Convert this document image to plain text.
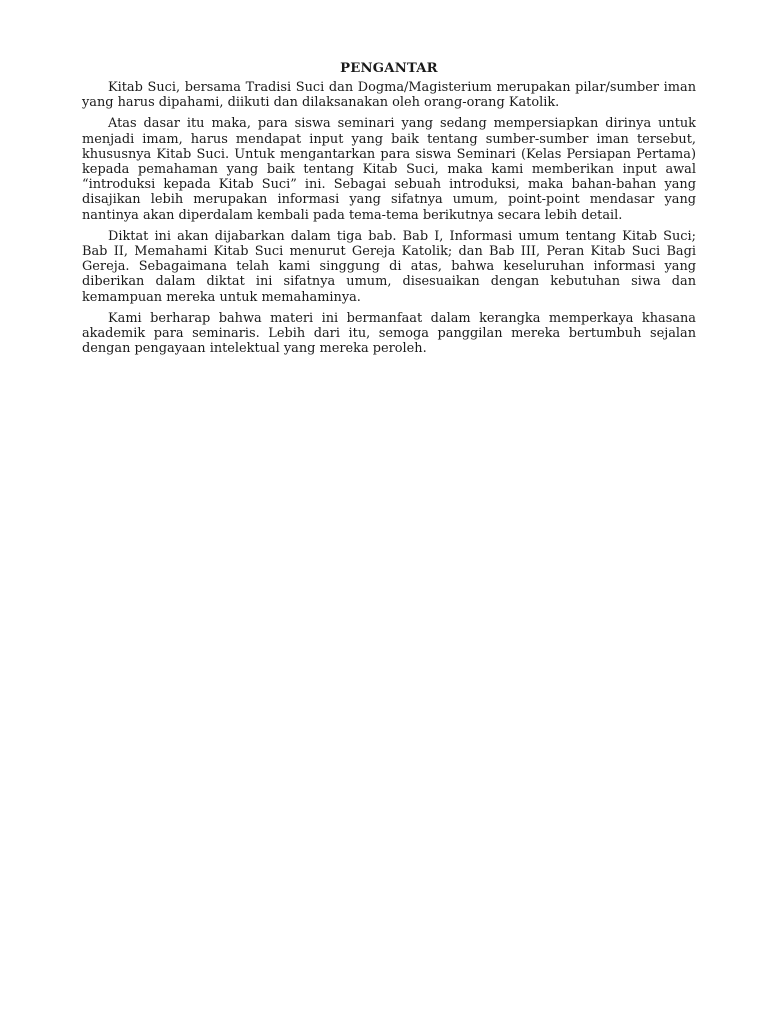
PENGANTAR

Kitab Suci, bersama Tradisi Suci dan Dogma/Magisterium merupakan pilar/sumber iman yang harus dipahami, diikuti dan dilaksanakan oleh orang-orang Katolik.

Atas dasar itu maka, para siswa seminari yang sedang mempersiapkan dirinya untuk menjadi imam, harus mendapat input yang baik tentang sumber-sumber iman tersebut, khususnya Kitab Suci. Untuk mengantarkan para siswa Seminari (Kelas Persiapan Pertama) kepada pemahaman yang baik tentang Kitab Suci, maka kami memberikan input awal “introduksi kepada Kitab Suci” ini. Sebagai sebuah introduksi, maka bahan-bahan yang disajikan lebih merupakan informasi yang sifatnya umum, point-point mendasar yang nantinya akan diperdalam kembali pada tema-tema berikutnya secara lebih detail.

Diktat ini akan dijabarkan dalam tiga bab. Bab I, Informasi umum tentang Kitab Suci; Bab II, Memahami Kitab Suci menurut Gereja Katolik; dan Bab III, Peran Kitab Suci Bagi Gereja. Sebagaimana telah kami singgung di atas, bahwa keseluruhan informasi yang diberikan dalam diktat ini sifatnya umum, disesuaikan dengan kebutuhan siwa dan kemampuan mereka untuk memahaminya.

Kami berharap bahwa materi ini bermanfaat dalam kerangka memperkaya khasana akademik para seminaris. Lebih dari itu, semoga panggilan mereka bertumbuh sejalan dengan pengayaan intelektual yang mereka peroleh.
